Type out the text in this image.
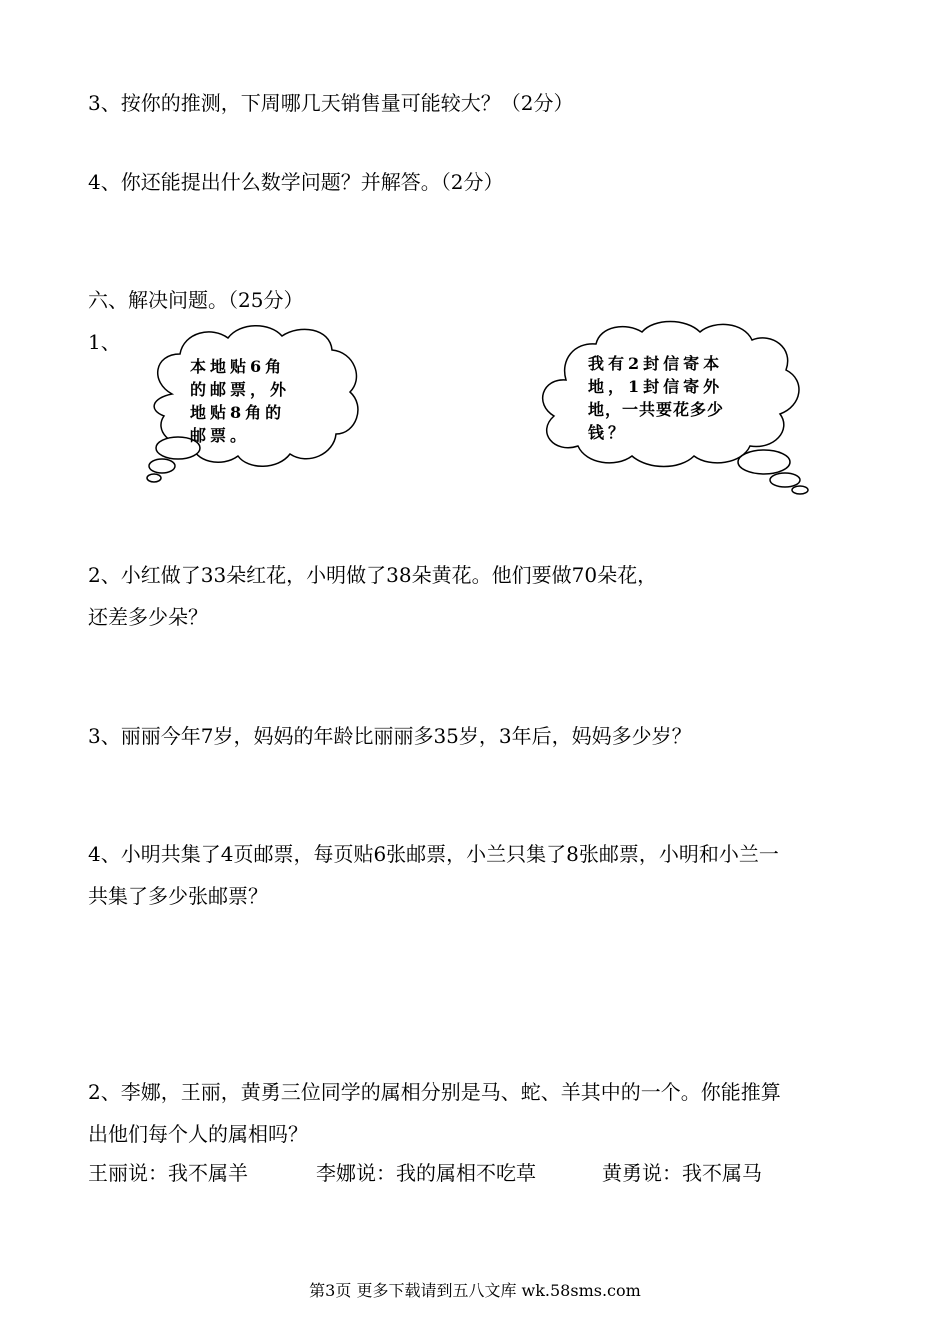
3、按你的推测，下周哪几天销售量可能较大？（2分）
4、你还能提出什么数学问题？并解答。（2分）
六、解决问题。（25分）
1、
本地贴6角
的邮票，外
地贴8角的
邮票。
我有2封信寄本
地，1封信寄外
地，一共要花多少
钱？
2、小红做了33朵红花，小明做了38朵黄花。他们要做70朵花，
还差多少朵？
3、丽丽今年7岁，妈妈的年龄比丽丽多35岁，3年后，妈妈多少岁？
4、小明共集了4页邮票，每页贴6张邮票，小兰只集了8张邮票，小明和小兰一
共集了多少张邮票？
2、李娜，王丽，黄勇三位同学的属相分别是马、蛇、羊其中的一个。你能推算
出他们每个人的属相吗？
王丽说：我不属羊	李娜说：我的属相不吃草	黄勇说：我不属马
第3页 更多下载请到五八文库 wk.58sms.com
